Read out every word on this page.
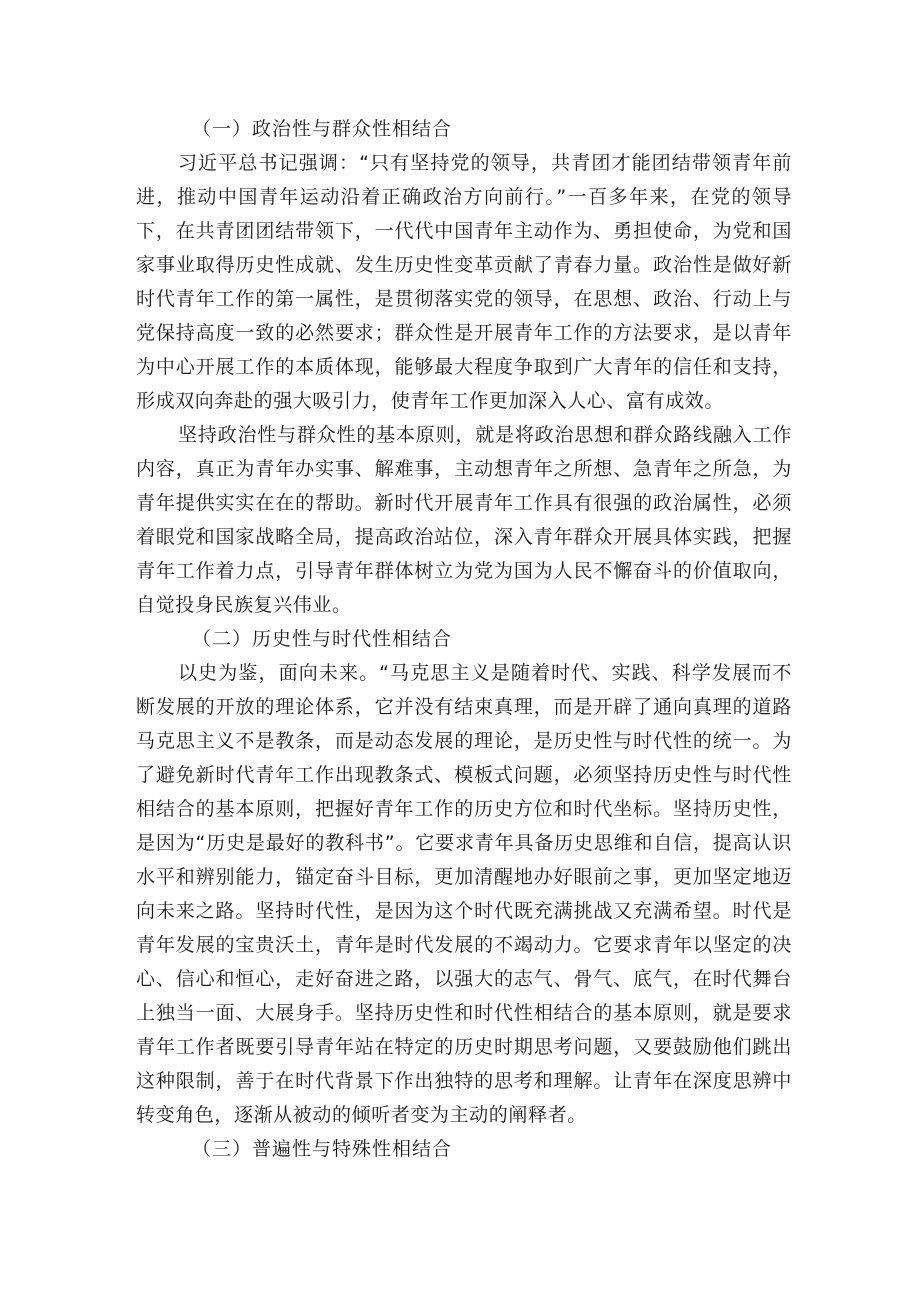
（一）政治性与群众性相结合

习近平总书记强调：“只有坚持党的领导，共青团才能团结带领青年前进，推动中国青年运动沿着正确政治方向前行。”一百多年来，在党的领导下，在共青团团结带领下，一代代中国青年主动作为、勇担使命，为党和国家事业取得历史性成就、发生历史性变革贡献了青春力量。政治性是做好新时代青年工作的第一属性，是贯彻落实党的领导，在思想、政治、行动上与党保持高度一致的必然要求；群众性是开展青年工作的方法要求，是以青年为中心开展工作的本质体现，能够最大程度争取到广大青年的信任和支持，形成双向奔赴的强大吸引力，使青年工作更加深入人心、富有成效。

坚持政治性与群众性的基本原则，就是将政治思想和群众路线融入工作内容，真正为青年办实事、解难事，主动想青年之所想、急青年之所急，为青年提供实实在在的帮助。新时代开展青年工作具有很强的政治属性，必须着眼党和国家战略全局，提高政治站位，深入青年群众开展具体实践，把握青年工作着力点，引导青年群体树立为党为国为人民不懈奋斗的价值取向，自觉投身民族复兴伟业。

（二）历史性与时代性相结合

以史为鉴，面向未来。“马克思主义是随着时代、实践、科学发展而不断发展的开放的理论体系，它并没有结束真理，而是开辟了通向真理的道路马克思主义不是教条，而是动态发展的理论，是历史性与时代性的统一。为了避免新时代青年工作出现教条式、模板式问题，必须坚持历史性与时代性相结合的基本原则，把握好青年工作的历史方位和时代坐标。坚持历史性，是因为“历史是最好的教科书”。它要求青年具备历史思维和自信，提高认识水平和辨别能力，锚定奋斗目标，更加清醒地办好眼前之事，更加坚定地迈向未来之路。坚持时代性，是因为这个时代既充满挑战又充满希望。时代是青年发展的宝贵沃土，青年是时代发展的不竭动力。它要求青年以坚定的决心、信心和恒心，走好奋进之路，以强大的志气、骨气、底气，在时代舞台上独当一面、大展身手。坚持历史性和时代性相结合的基本原则，就是要求青年工作者既要引导青年站在特定的历史时期思考问题，又要鼓励他们跳出这种限制，善于在时代背景下作出独特的思考和理解。让青年在深度思辨中转变角色，逐渐从被动的倾听者变为主动的阐释者。

（三）普遍性与特殊性相结合
